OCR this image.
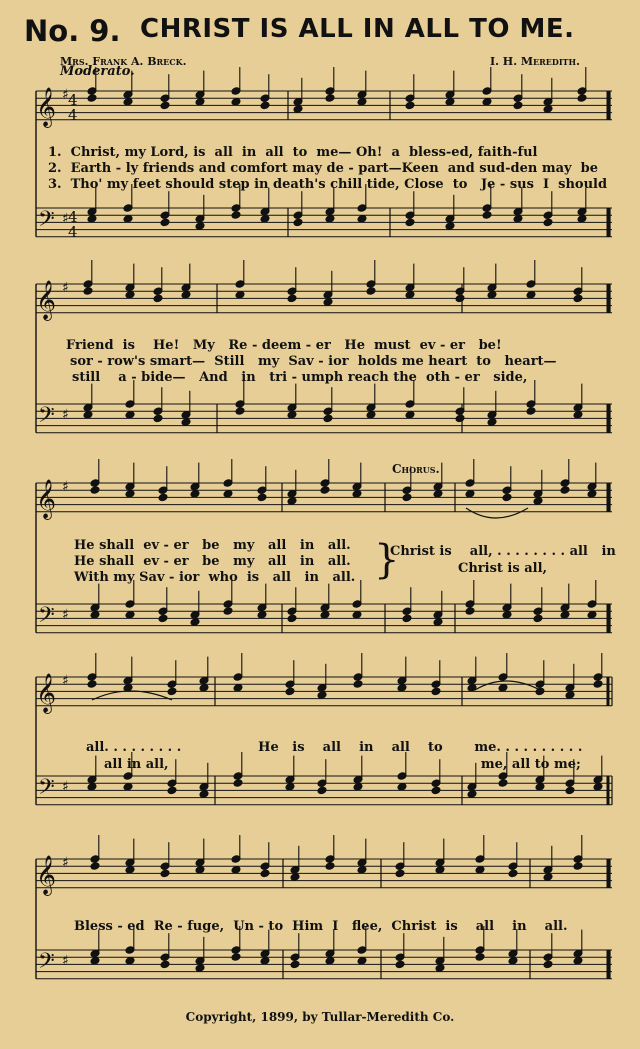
No. 9. CHRIST IS ALL IN ALL TO ME.
Mrs. Frank A. Breck.	I. H. Meredith.
Moderato.
𝄞
𝄢
♯
♯
4
4
4
4
𝄞
𝄢
♯
♯
𝄞
𝄢
♯
♯
𝄞
𝄢
♯
♯
𝄞
𝄢
♯
♯
1.  Christ, my Lord, is  all  in  all  to  me— Oh!  a  bless-ed, faith-ful
2.  Earth - ly friends and comfort may de - part—Keen  and sud-den may  be
3.  Tho' my feet should step in death's chill tide, Close  to   Je - sus  I  should
Friend  is    He!   My   Re - deem - er   He  must  ev - er   be!
sor - row's smart—  Still   my  Sav - ior  holds me heart  to   heart—
still    a - bide—   And   in   tri - umph reach the  oth - er   side,
Chorus.
He shall  ev - er   be   my   all   in   all.
He shall  ev - er   be   my   all   in   all.
With my Sav - ior  who  is   all   in   all.
Christ is    all, . . . . . . . . all   in
Christ is all,
}
all. . . . . . . . .                 He   is    all    in    all    to       me. . . . . . . . . .
all in all,                                                                     me, all to me;
Bless - ed  Re - fuge,  Un - to  Him  I   flee,  Christ  is    all    in    all.
Copyright, 1899, by Tullar-Meredith Co.
